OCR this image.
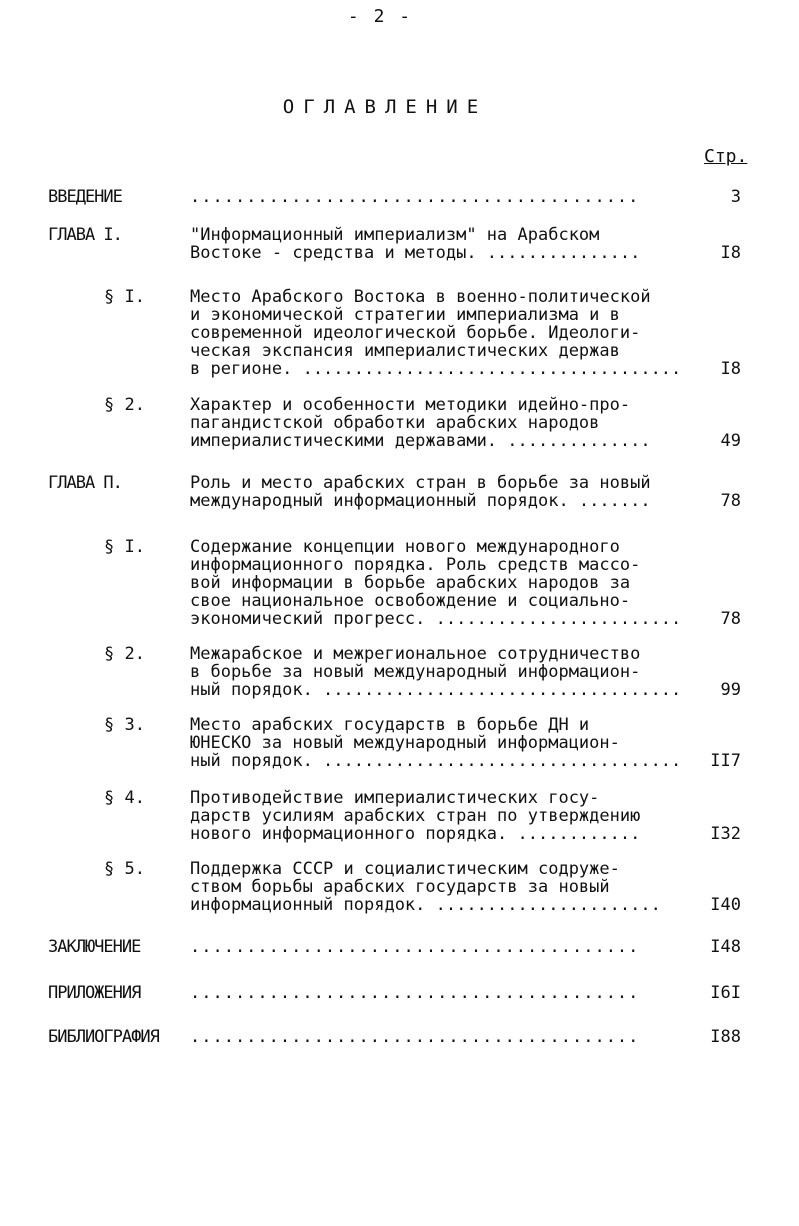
- 2 -
ОГЛАВЛЕНИЕ
Стр.
ВВЕДЕНИЕ	........................................	3
ГЛАВА I.	"Информационный империализм" на Арабском
Востоке - средства и методы. ...............	I8
§ I.	Место Арабского Востока в военно-политической
и экономической стратегии империализма и в
современной идеологической борьбе. Идеологи-
ческая экспансия империалистических держав
в регионе. .....................................	I8
§ 2.	Характер и особенности методики идейно-про-
пагандистской обработки арабских народов
империалистическими державами. ..............	49
ГЛАВА П.	Роль и место арабских стран в борьбе за новый
международный информационный порядок. .......	78
§ I.	Содержание концепции нового международного
информационного порядка. Роль средств массо-
вой информации в борьбе арабских народов за
свое национальное освобождение и социально-
экономический прогресс. ........................	78
§ 2.	Межарабское и межрегиональное сотрудничество
в борьбе за новый международный информацион-
ный порядок. ...................................	99
§ 3.	Место арабских государств в борьбе ДН и
ЮНЕСКО за новый международный информацион-
ный порядок. ...................................	II7
§ 4.	Противодействие империалистических госу-
дарств усилиям арабских стран по утверждению
нового информационного порядка. ............	I32
§ 5.	Поддержка СССР и социалистическим содруже-
ством борьбы арабских государств за новый
информационный порядок. ......................	I40
ЗАКЛЮЧЕНИЕ	........................................	I48
ПРИЛОЖЕНИЯ	........................................	I6I
БИБЛИОГРАФИЯ ........................................	I88
